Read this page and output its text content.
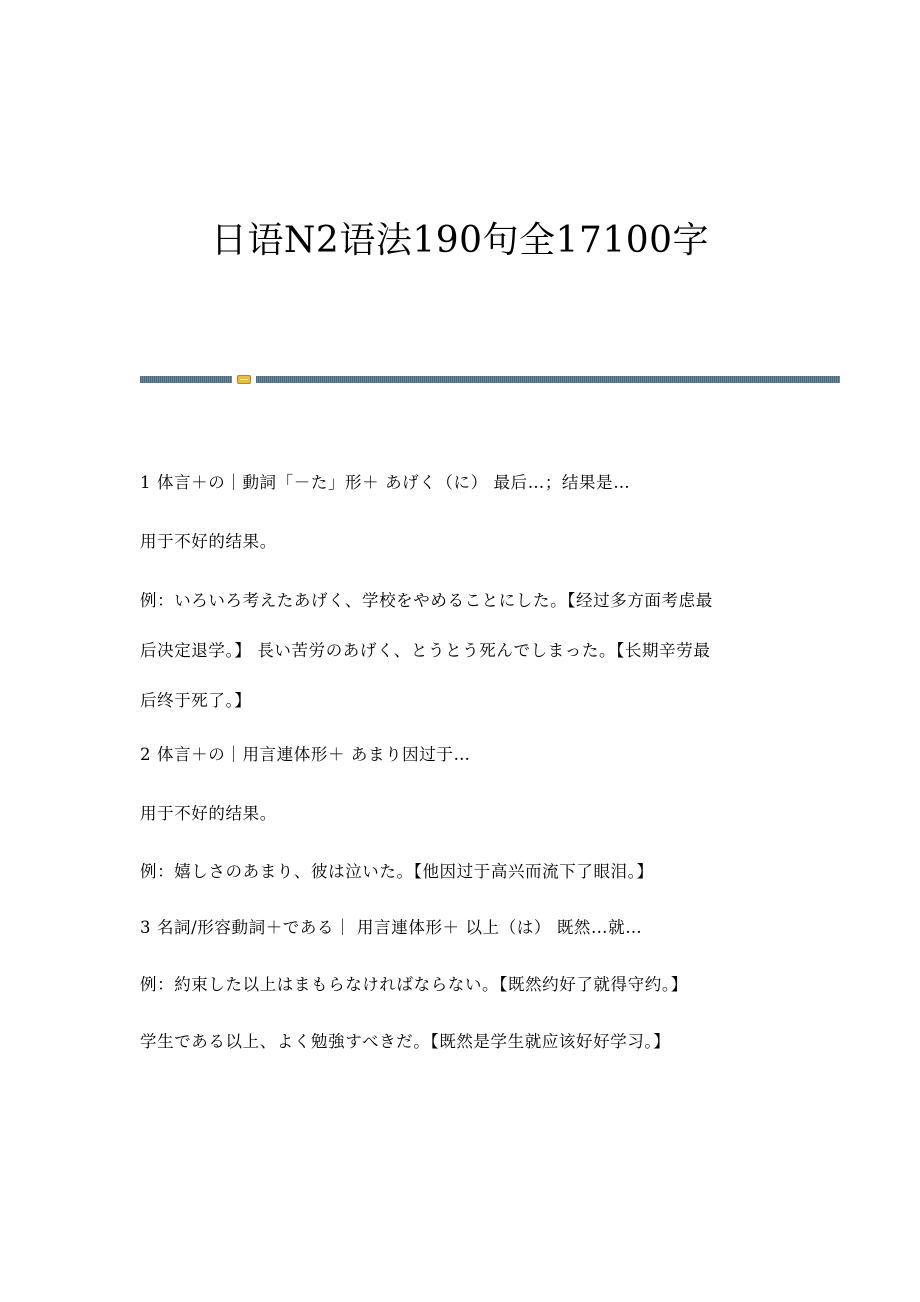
日语N2语法190句全17100字
1 体言＋の｜動詞「－た」形＋ あげく（に） 最后…；结果是…
用于不好的结果。
例：いろいろ考えたあげく、学校をやめることにした。【经过多方面考虑最
后决定退学。】 長い苦労のあげく、とうとう死んでしまった。【长期辛劳最
后终于死了。】
2 体言＋の｜用言連体形＋ あまり因过于…
用于不好的结果。
例：嬉しさのあまり、彼は泣いた。【他因过于高兴而流下了眼泪。】
3 名詞/形容動詞＋である｜ 用言連体形＋ 以上（は） 既然…就…
例：約束した以上はまもらなければならない。【既然约好了就得守约。】
学生である以上、よく勉強すべきだ。【既然是学生就应该好好学习。】
